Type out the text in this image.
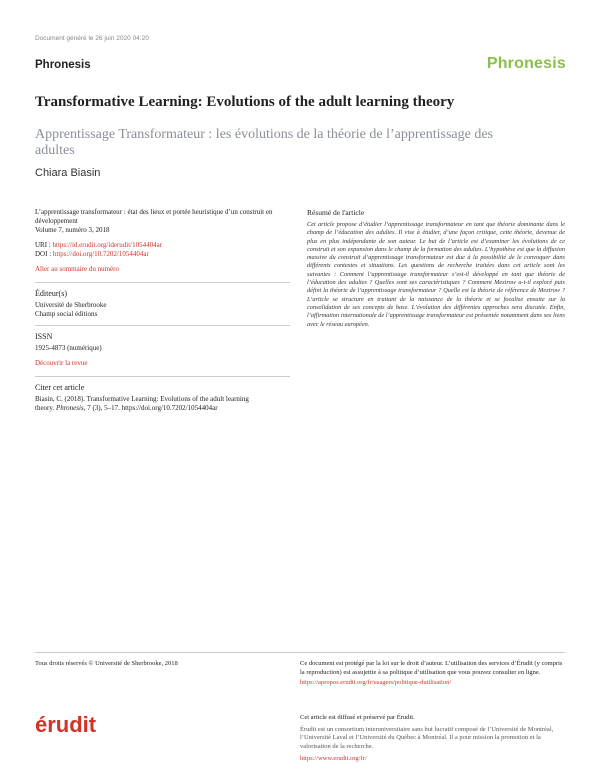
Document généré le 26 juin 2020 04:20
Phronesis	Phronesis
Transformative Learning: Evolutions of the adult learning theory
Apprentissage Transformateur : les évolutions de la théorie de l’apprentissage des adultes
Chiara Biasin
L’apprentissage transformateur : état des lieux et portée heuristique d’un construit en développement
Volume 7, numéro 3, 2018
URI : https://id.erudit.org/iderudit/1054404ar
DOI : https://doi.org/10.7202/1054404ar
Aller au sommaire du numéro
Éditeur(s)
Université de Sherbrooke
Champ social éditions
ISSN
1925-4873 (numérique)
Découvrir la revue
Citer cet article
Biasin, C. (2018). Transformative Learning: Evolutions of the adult learning
theory. Phronesis, 7 (3), 5–17. https://doi.org/10.7202/1054404ar
Résumé de l'article
Cet article propose d’étudier l’apprentissage transformateur en tant que théorie dominante dans le champ de l’éducation des adultes. Il vise à étudier, d’une façon critique, cette théorie, devenue de plus en plus indépendante de son auteur. Le but de l’article est d’examiner les évolutions de ce construit et son expansion dans le champ de la formation des adultes. L’hypothèse est que la diffusion massive du construit d’apprentissage transformateur est due à la possibilité de le convoquer dans différents contextes et situations. Les questions de recherche traitées dans cet article sont les suivantes : Comment l’apprentissage transformateur s’est-il développé en tant que théorie de l’éducation des adultes ? Quelles sont ses caractéristiques ? Comment Mezirow a-t-il exploré puis défini la théorie de l’apprentissage transformateur ? Quelle est la théorie de référence de Mezirow ? L’article se structure en traitant de la naissance de la théorie et se focalise ensuite sur la consolidation de ses concepts de base. L’évolution des différentes approches sera discutée. Enfin, l’affirmation internationale de l’apprentissage transformateur est présentée notamment dans ses liens avec le réseau européen.
Tous droits réservés © Université de Sherbrooke, 2018	Ce document est protégé par la loi sur le droit d’auteur. L’utilisation des services d’Érudit (y compris la reproduction) est assujettie à sa politique d’utilisation que vous pouvez consulter en ligne.
https://apropos.erudit.org/fr/usagers/politique-dutilisation/
érudit	Cet article est diffusé et préservé par Érudit.
Érudit est un consortium interuniversitaire sans but lucratif composé de l’Université de Montréal, l’Université Laval et l’Université du Québec à Montréal. Il a pour mission la promotion et la valorisation de la recherche.
https://www.erudit.org/fr/
